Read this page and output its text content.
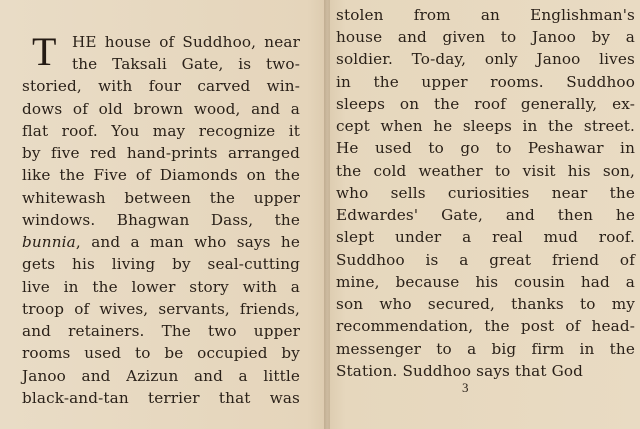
T HE house of Suddhoo, near
the Taksali Gate, is two-
storied, with four carved win-
dows of old brown wood, and a
flat roof. You may recognize it
by five red hand-prints arranged
like the Five of Diamonds on the
whitewash between the upper
windows. Bhagwan Dass, the
bunnia, and a man who says he
gets his living by seal-cutting
live in the lower story with a
troop of wives, servants, friends,
and retainers. The two upper
rooms used to be occupied by
Janoo and Azizun and a little
black-and-tan terrier that was
stolen from an Englishman's
house and given to Janoo by a
soldier. To-day, only Janoo lives
in the upper rooms. Suddhoo
sleeps on the roof generally, ex-
cept when he sleeps in the street.
He used to go to Peshawar in
the cold weather to visit his son,
who sells curiosities near the
Edwardes' Gate, and then he
slept under a real mud roof.
Suddhoo is a great friend of
mine, because his cousin had a
son who secured, thanks to my
recommendation, the post of head-
messenger to a big firm in the
Station. Suddhoo says that God
3
